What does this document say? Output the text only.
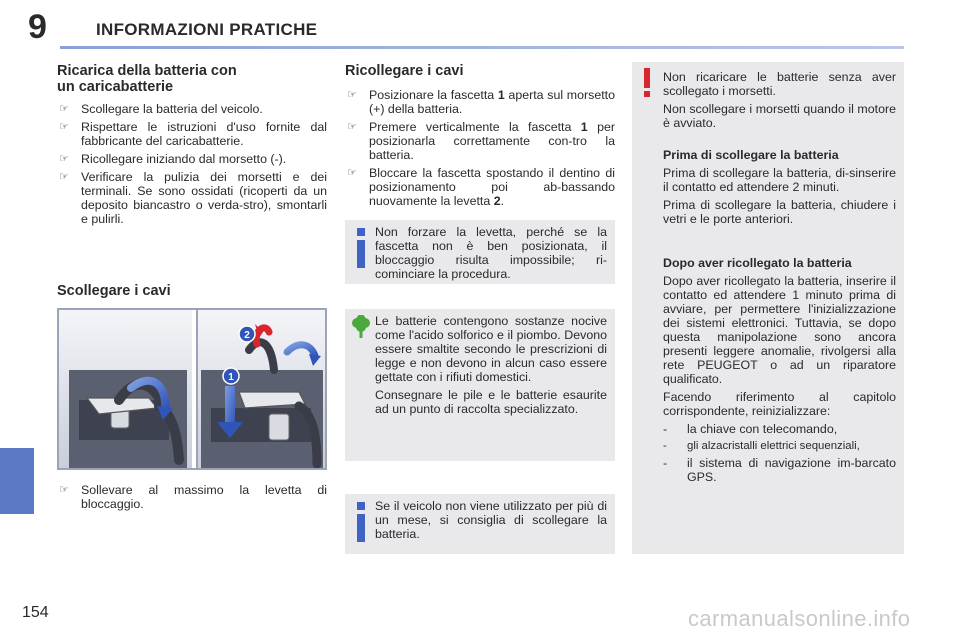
9	INFORMAZIONI PRATICHE
Ricarica della batteria con
un caricabatterie
☞ Scollegare la batteria del veicolo.
☞ Rispettare le istruzioni d'uso fornite dal fabbricante del caricabatterie.
☞ Ricollegare iniziando dal morsetto (-).
☞ Verificare la pulizia dei morsetti e dei terminali. Se sono ossidati (ricoperti da un deposito biancastro o verda-stro), smontarli e pulirli.
Scollegare i cavi
1
2
☞ Sollevare al massimo la levetta di bloccaggio.
Ricollegare i cavi
☞ Posizionare la fascetta 1 aperta sul morsetto (+) della batteria.
☞ Premere verticalmente la fascetta 1 per posizionarla correttamente con-tro la batteria.
☞ Bloccare la fascetta spostando il dentino di posizionamento poi ab-bassando nuovamente la levetta 2.

Non forzare la levetta, perché se la fascetta non è ben posizionata, il bloccaggio risulta impossibile; ri-cominciare la procedura.

Le batterie contengono sostanze nocive come l'acido solforico e il piombo. Devono essere smaltite secondo le prescrizioni di legge e non devono in alcun caso essere gettate con i rifiuti domestici.

Consegnare le pile e le batterie esaurite ad un punto di raccolta specializzato.

Se il veicolo non viene utilizzato per più di un mese, si consiglia di scollegare la batteria.

Non ricaricare le batterie senza aver scollegato i morsetti.

Non scollegare i morsetti quando il motore è avviato.

Prima di scollegare la batteria

Prima di scollegare la batteria, di-sinserire il contatto ed attendere 2 minuti.

Prima di scollegare la batteria, chiudere i vetri e le porte anteriori.

Dopo aver ricollegato la batteria

Dopo aver ricollegato la batteria, inserire il contatto ed attendere 1 minuto prima di avviare, per permettere l'inizializzazione dei sistemi elettronici. Tuttavia, se dopo questa manipolazione sono ancora presenti leggere anomalie, rivolgersi alla rete PEUGEOT o ad un riparatore qualificato.

Facendo riferimento al capitolo corrispondente, reinizializzare:

- la chiave con telecomando,
- gli alzacristalli elettrici sequenziali,
- il sistema di navigazione im-barcato GPS.
154	carmanualsonline.info
